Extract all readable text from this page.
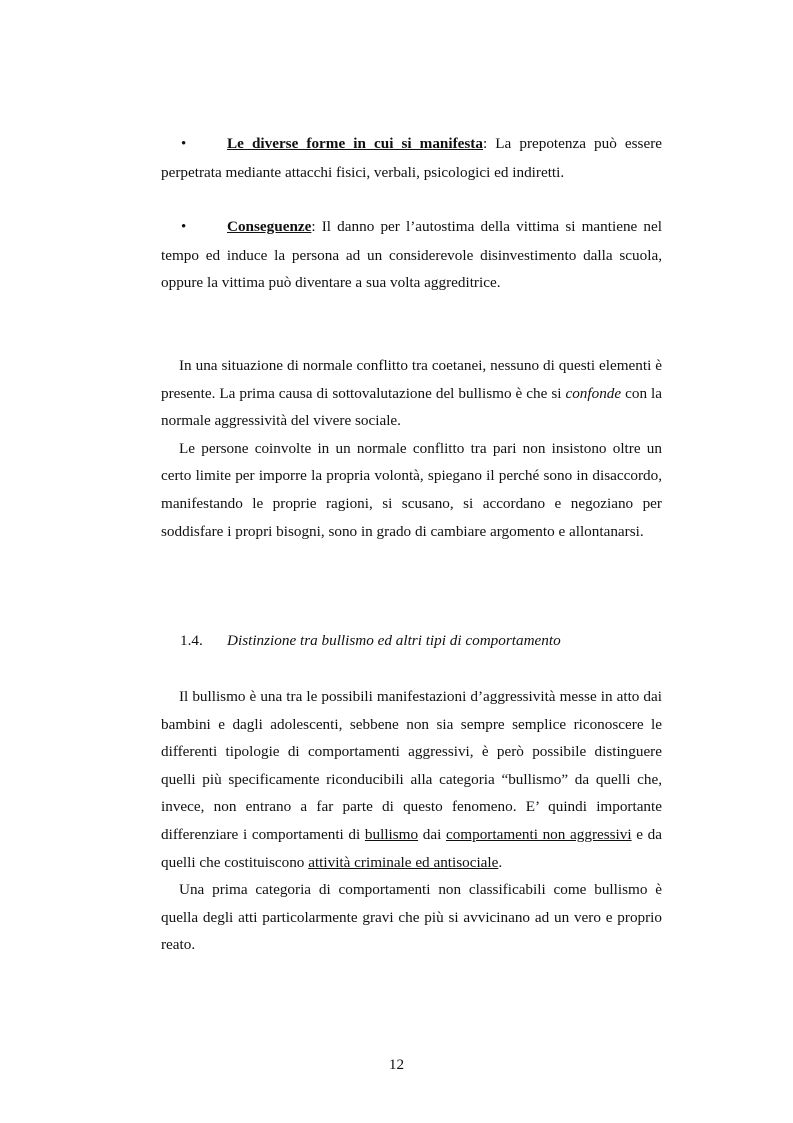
•	Le diverse forme in cui si manifesta: La prepotenza può essere perpetrata mediante attacchi fisici, verbali, psicologici ed indiretti.
•	Conseguenze: Il danno per l’autostima della vittima si mantiene nel tempo ed induce la persona ad un considerevole disinvestimento dalla scuola, oppure la vittima può diventare a sua volta aggreditrice.

In una situazione di normale conflitto tra coetanei, nessuno di questi elementi è presente. La prima causa di sottovalutazione del bullismo è che si confonde con la normale aggressività del vivere sociale.

Le persone coinvolte in un normale conflitto tra pari non insistono oltre un certo limite per imporre la propria volontà, spiegano il perché sono in disaccordo, manifestando le proprie ragioni, si scusano, si accordano e negoziano per soddisfare i propri bisogni, sono in grado di cambiare argomento e allontanarsi.

1.4. Distinzione tra bullismo ed altri tipi di comportamento

Il bullismo è una tra le possibili manifestazioni d’aggressività messe in atto dai bambini e dagli adolescenti, sebbene non sia sempre semplice riconoscere le differenti tipologie di comportamenti aggressivi, è però possibile distinguere quelli più specificamente riconducibili alla categoria “bullismo” da quelli che, invece, non entrano a far parte di questo fenomeno. E’ quindi importante differenziare i comportamenti di bullismo dai comportamenti non aggressivi e da quelli che costituiscono attività criminale ed antisociale.

Una prima categoria di comportamenti non classificabili come bullismo è quella degli atti particolarmente gravi che più si avvicinano ad un vero e proprio reato.

12
